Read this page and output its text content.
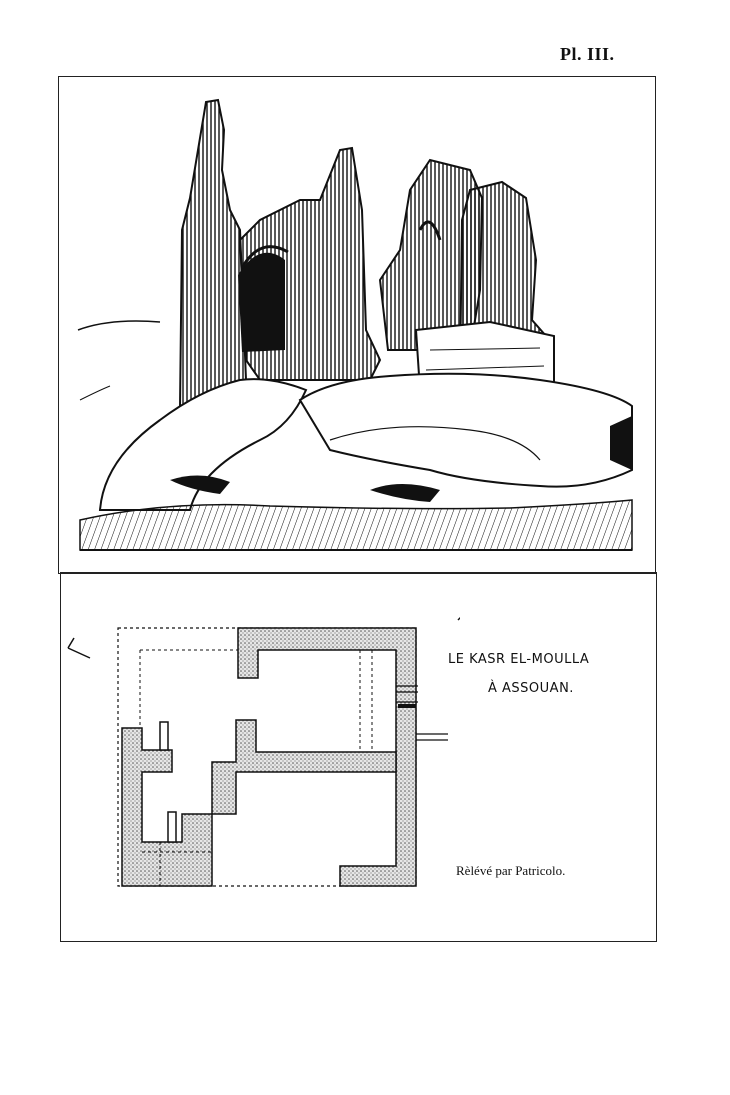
Pl. III.
LE KASR EL-MOULLA
À ASSOUAN.
Rèlévé par Patricolo.
